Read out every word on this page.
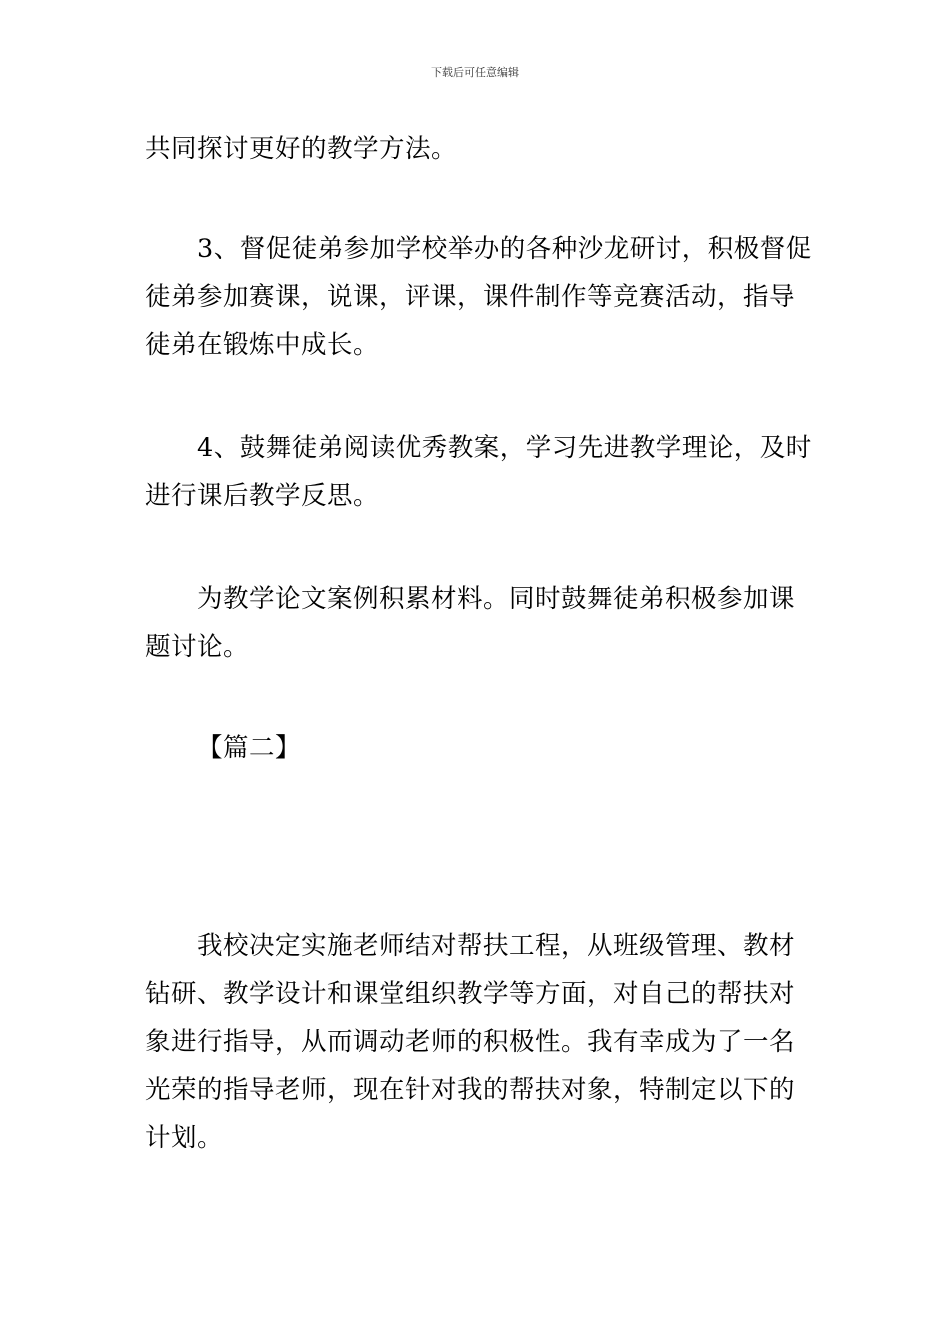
下载后可任意编辑
共同探讨更好的教学方法。
3、督促徒弟参加学校举办的各种沙龙研讨，积极督促
徒弟参加赛课，说课，评课，课件制作等竞赛活动，指导
徒弟在锻炼中成长。
4、鼓舞徒弟阅读优秀教案，学习先进教学理论，及时
进行课后教学反思。
为教学论文案例积累材料。同时鼓舞徒弟积极参加课
题讨论。
【篇二】
我校决定实施老师结对帮扶工程，从班级管理、教材
钻研、教学设计和课堂组织教学等方面，对自己的帮扶对
象进行指导，从而调动老师的积极性。我有幸成为了一名
光荣的指导老师，现在针对我的帮扶对象，特制定以下的
计划。
